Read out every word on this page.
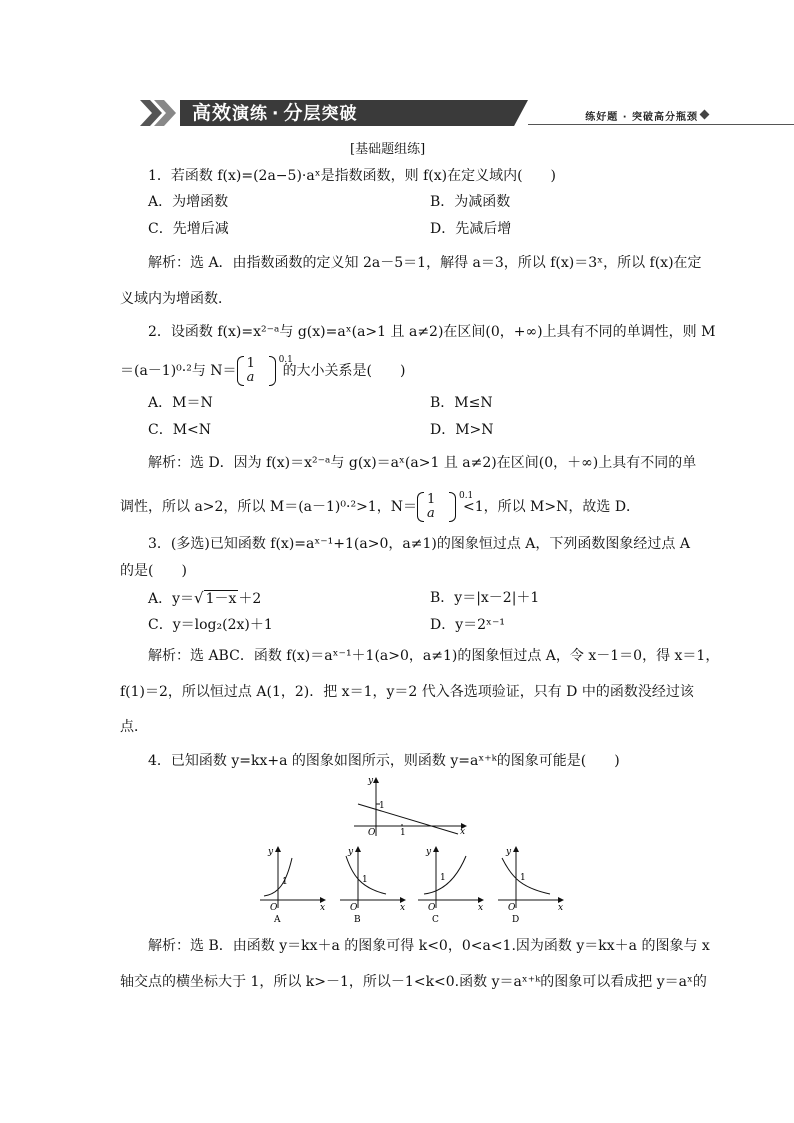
高效演练 · 分层突破	练好题 · 突破高分瓶颈
[基础题组练]
1．若函数 f(x)=(2a−5)·aˣ是指数函数，则 f(x)在定义域内(　　)
A．为增函数	B．为减函数
C．先增后减	D．先减后增
解析：选 A．由指数函数的定义知 2a－5＝1，解得 a＝3，所以 f(x)＝3ˣ，所以 f(x)在定
义域内为增函数．
2．设函数 f(x)=x²⁻ᵃ与 g(x)=aˣ(a>1 且 a≠2)在区间(0，+∞)上具有不同的单调性，则 M
＝(a－1)⁰·²与 N＝ 1
a
0.1
的大小关系是(　　)
A．M＝N	B．M≤N
C．M<N	D．M>N
解析：选 D．因为 f(x)＝x²⁻ᵃ与 g(x)＝aˣ(a>1 且 a≠2)在区间(0，＋∞)上具有不同的单
调性，所以 a>2，所以 M＝(a－1)⁰·²>1，N＝ 1
a
0.1
<1，所以 M>N，故选 D．
3．(多选)已知函数 f(x)=aˣ⁻¹+1(a>0，a≠1)的图象恒过点 A，下列函数图象经过点 A
的是(　　)
A．y＝√ 1－x ＋2	B．y＝|x－2|＋1
C．y＝log₂(2x)＋1	D．y＝2ˣ⁻¹
解析：选 ABC．函数 f(x)＝aˣ⁻¹＋1(a>0，a≠1)的图象恒过点 A，令 x－1＝0，得 x＝1，
f(1)＝2，所以恒过点 A(1，2)．把 x＝1，y＝2 代入各选项验证，只有 D 中的函数没经过该
点．
4．已知函数 y=kx+a 的图象如图所示，则函数 y=aˣ⁺ᵏ的图象可能是(　　)
y
x
O
1
1
y
x
O
1
A
y
x
O
1
B
y
x
O
1
C
y
x
O
1
D
解析：选 B．由函数 y＝kx＋a 的图象可得 k<0，0<a<1.因为函数 y＝kx＋a 的图象与 x
轴交点的横坐标大于 1，所以 k>－1，所以－1<k<0.函数 y＝aˣ⁺ᵏ的图象可以看成把 y＝aˣ的
